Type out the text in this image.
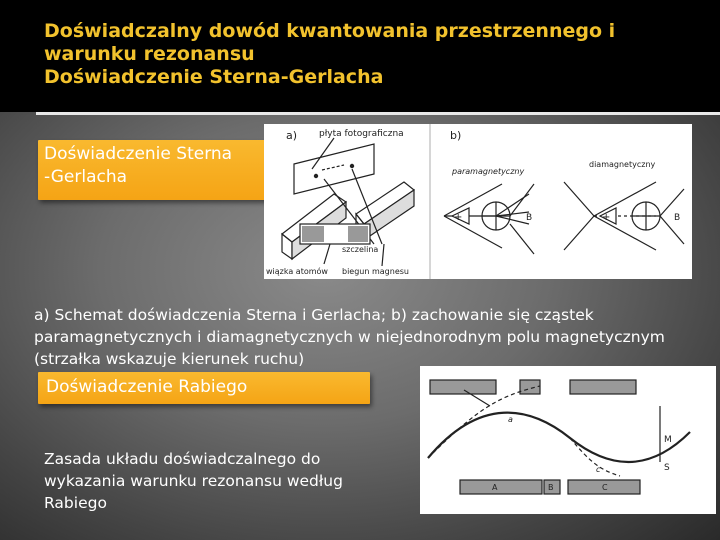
Doświadczalny dowód kwantowania przestrzennego i
warunku rezonansu
Doświadczenie Sterna-Gerlacha
Doświadczenie Sterna
-Gerlacha
a) płyta fotograficzna
szczelina
wiązka atomów biegun magnesu
b)
paramagnetyczny
diamagnetyczny
+	B	+	B

a) Schemat doświadczenia Sterna i Gerlacha; b) zachowanie się cząstek paramagnetycznych i diamagnetycznych w niejednorodnym polu magnetycznym (strzałka wskazuje kierunek ruchu)

Doświadczenie Rabiego

Zasada układu doświadczalnego do wykazania warunku rezonansu według Rabiego

A	B	C
a
c
M
S
